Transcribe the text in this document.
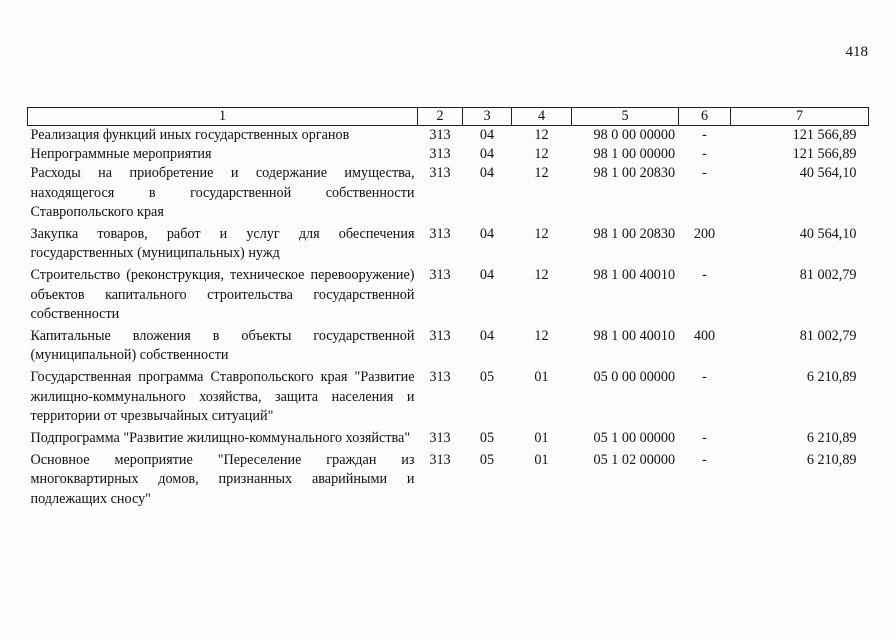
418
1	2	3	4	5	6	7
Реализация функций иных государственных органов	313	04	12	98 0 00 00000	-	121 566,89
Непрограммные мероприятия	313	04	12	98 1 00 00000	-	121 566,89
Расходы на приобретение и содержание имущества, находящегося в государственной собственности Ставропольского края	313	04	12	98 1 00 20830	-	40 564,10
Закупка товаров, работ и услуг для обеспечения государственных (муниципальных) нужд	313	04	12	98 1 00 20830	200	40 564,10
Строительство (реконструкция, техническое перевооружение) объектов капитального строительства государственной собственности	313	04	12	98 1 00 40010	-	81 002,79
Капитальные вложения в объекты государственной (муниципальной) собственности	313	04	12	98 1 00 40010	400	81 002,79
Государственная программа Ставропольского края "Развитие жилищно-коммунального хозяйства, защита населения и территории от чрезвычайных ситуаций"	313	05	01	05 0 00 00000	-	6 210,89
Подпрограмма "Развитие жилищно-коммунального хозяйства"	313	05	01	05 1 00 00000	-	6 210,89
Основное мероприятие "Переселение граждан из многоквартирных домов, признанных аварийными и подлежащих сносу"	313	05	01	05 1 02 00000	-	6 210,89
